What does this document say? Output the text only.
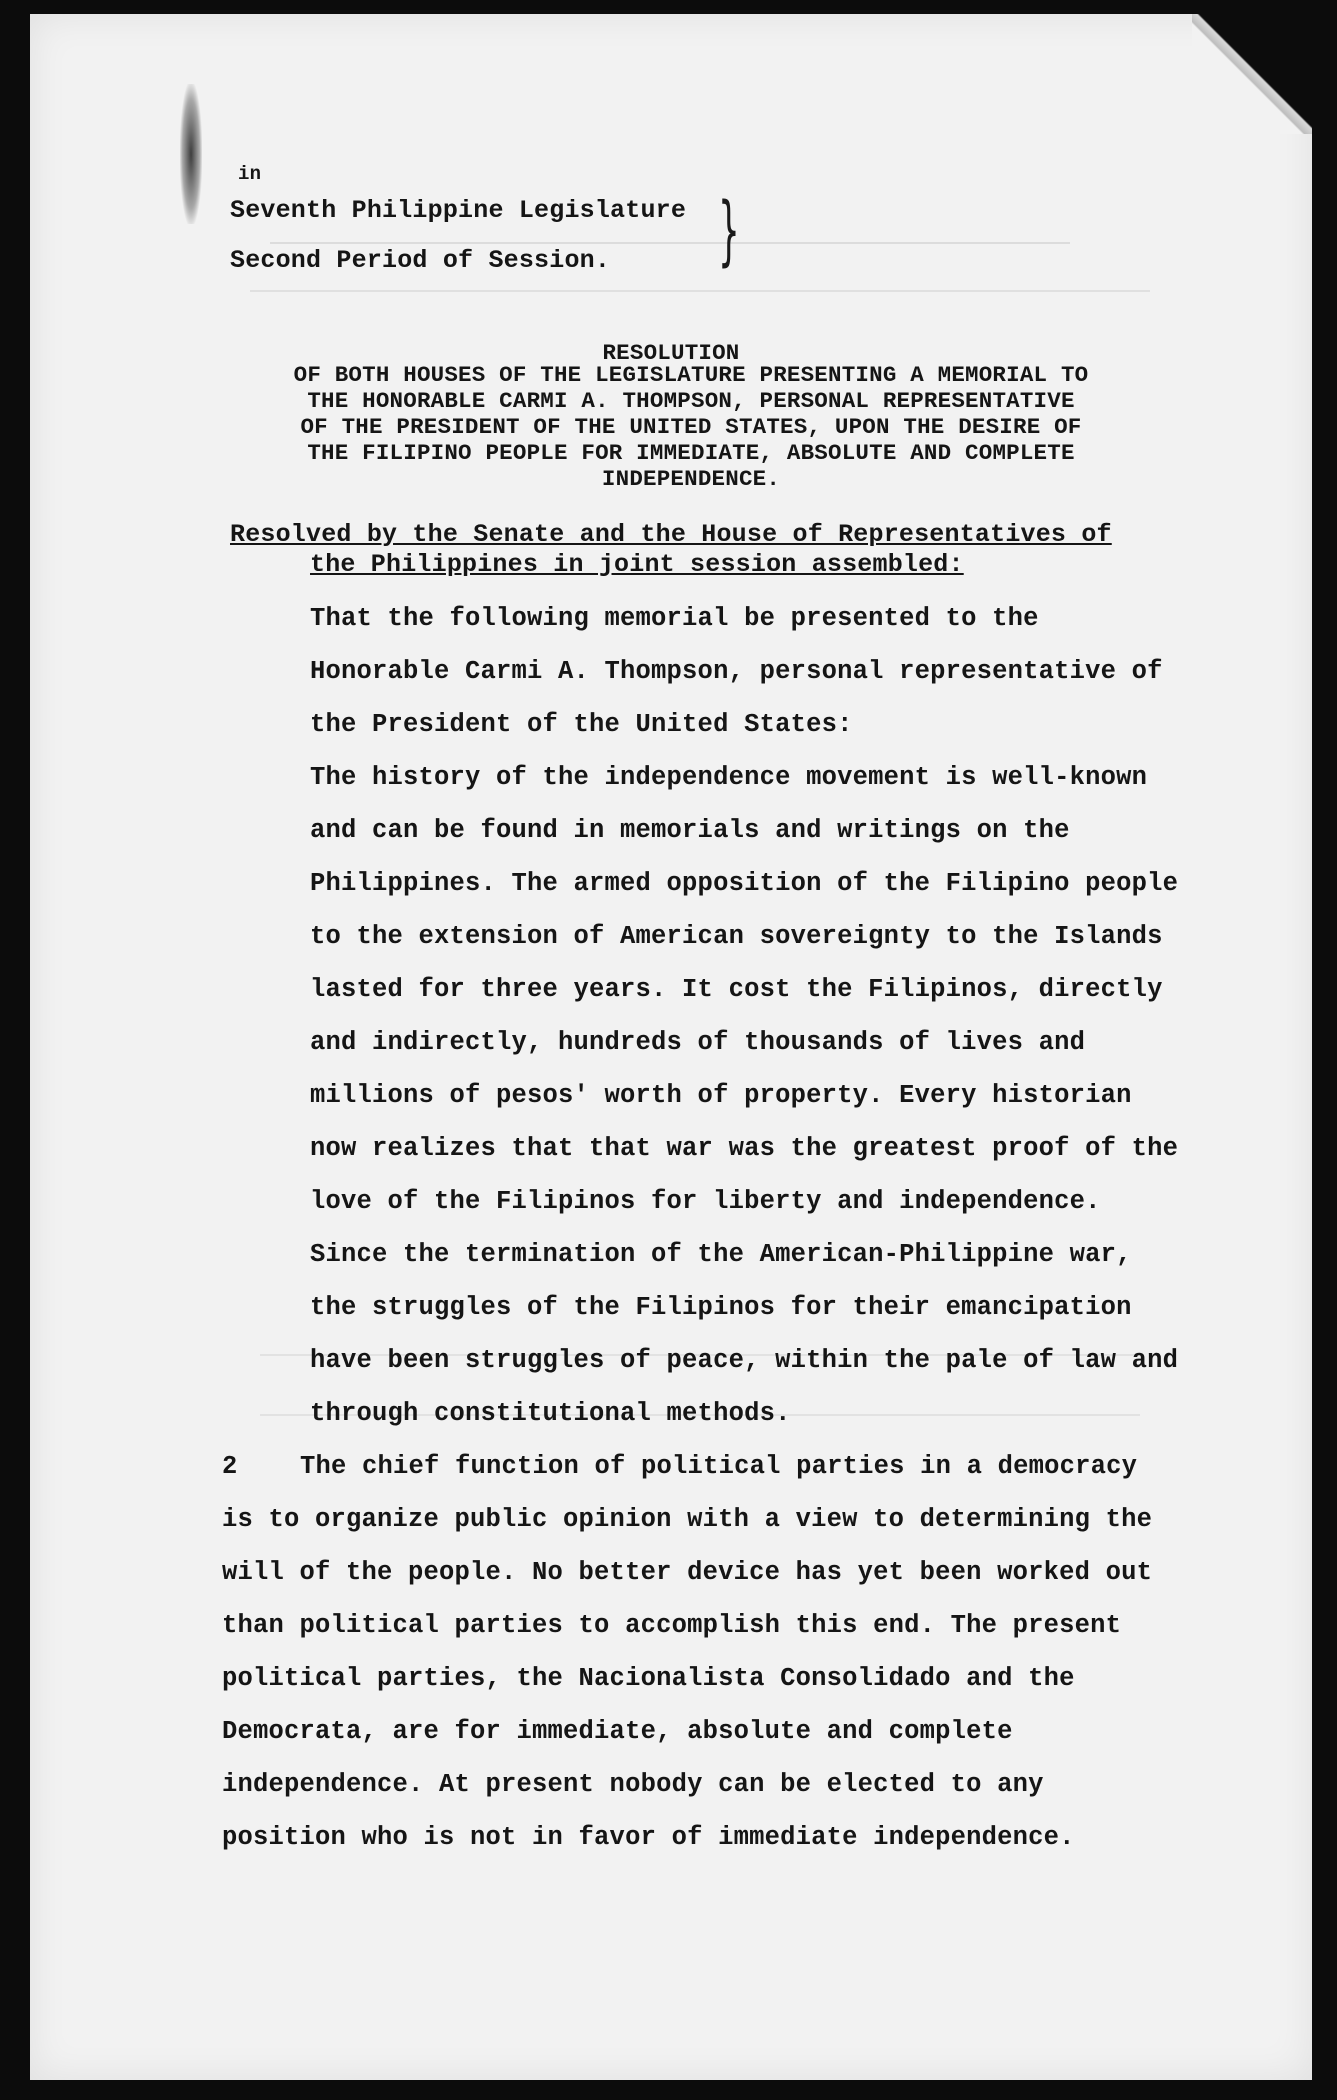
in
Seventh Philippine Legislature
Second Period of Session.	}
RESOLUTION
OF BOTH HOUSES OF THE LEGISLATURE PRESENTING A MEMORIAL TO
THE HONORABLE CARMI A. THOMPSON, PERSONAL REPRESENTATIVE
OF THE PRESIDENT OF THE UNITED STATES, UPON THE DESIRE OF
THE FILIPINO PEOPLE FOR IMMEDIATE, ABSOLUTE AND COMPLETE
INDEPENDENCE.
Resolved by the Senate and the House of Representatives of
the Philippines in joint session assembled:

That the following memorial be presented to the Honorable Carmi A. Thompson, personal representative of the President of the United States:

The history of the independence movement is well-known and can be found in memorials and writings on the Philippines. The armed opposition of the Filipino people to the extension of American sovereignty to the Islands lasted for three years. It cost the Filipinos, directly and indirectly, hundreds of thousands of lives and millions of pesos' worth of property. Every historian now realizes that that war was the greatest proof of the love of the Filipinos for liberty and independence. Since the termination of the American-Philippine war, the struggles of the Filipinos for their emancipation have been struggles of peace, within the pale of law and through constitutional methods.

2 The chief function of political parties in a democracy is to organize public opinion with a view to determining the will of the people. No better device has yet been worked out than political parties to accomplish this end. The present political parties, the Nacionalista Consolidado and the Democrata, are for immediate, absolute and complete independence. At present nobody can be elected to any position who is not in favor of immediate independence.
